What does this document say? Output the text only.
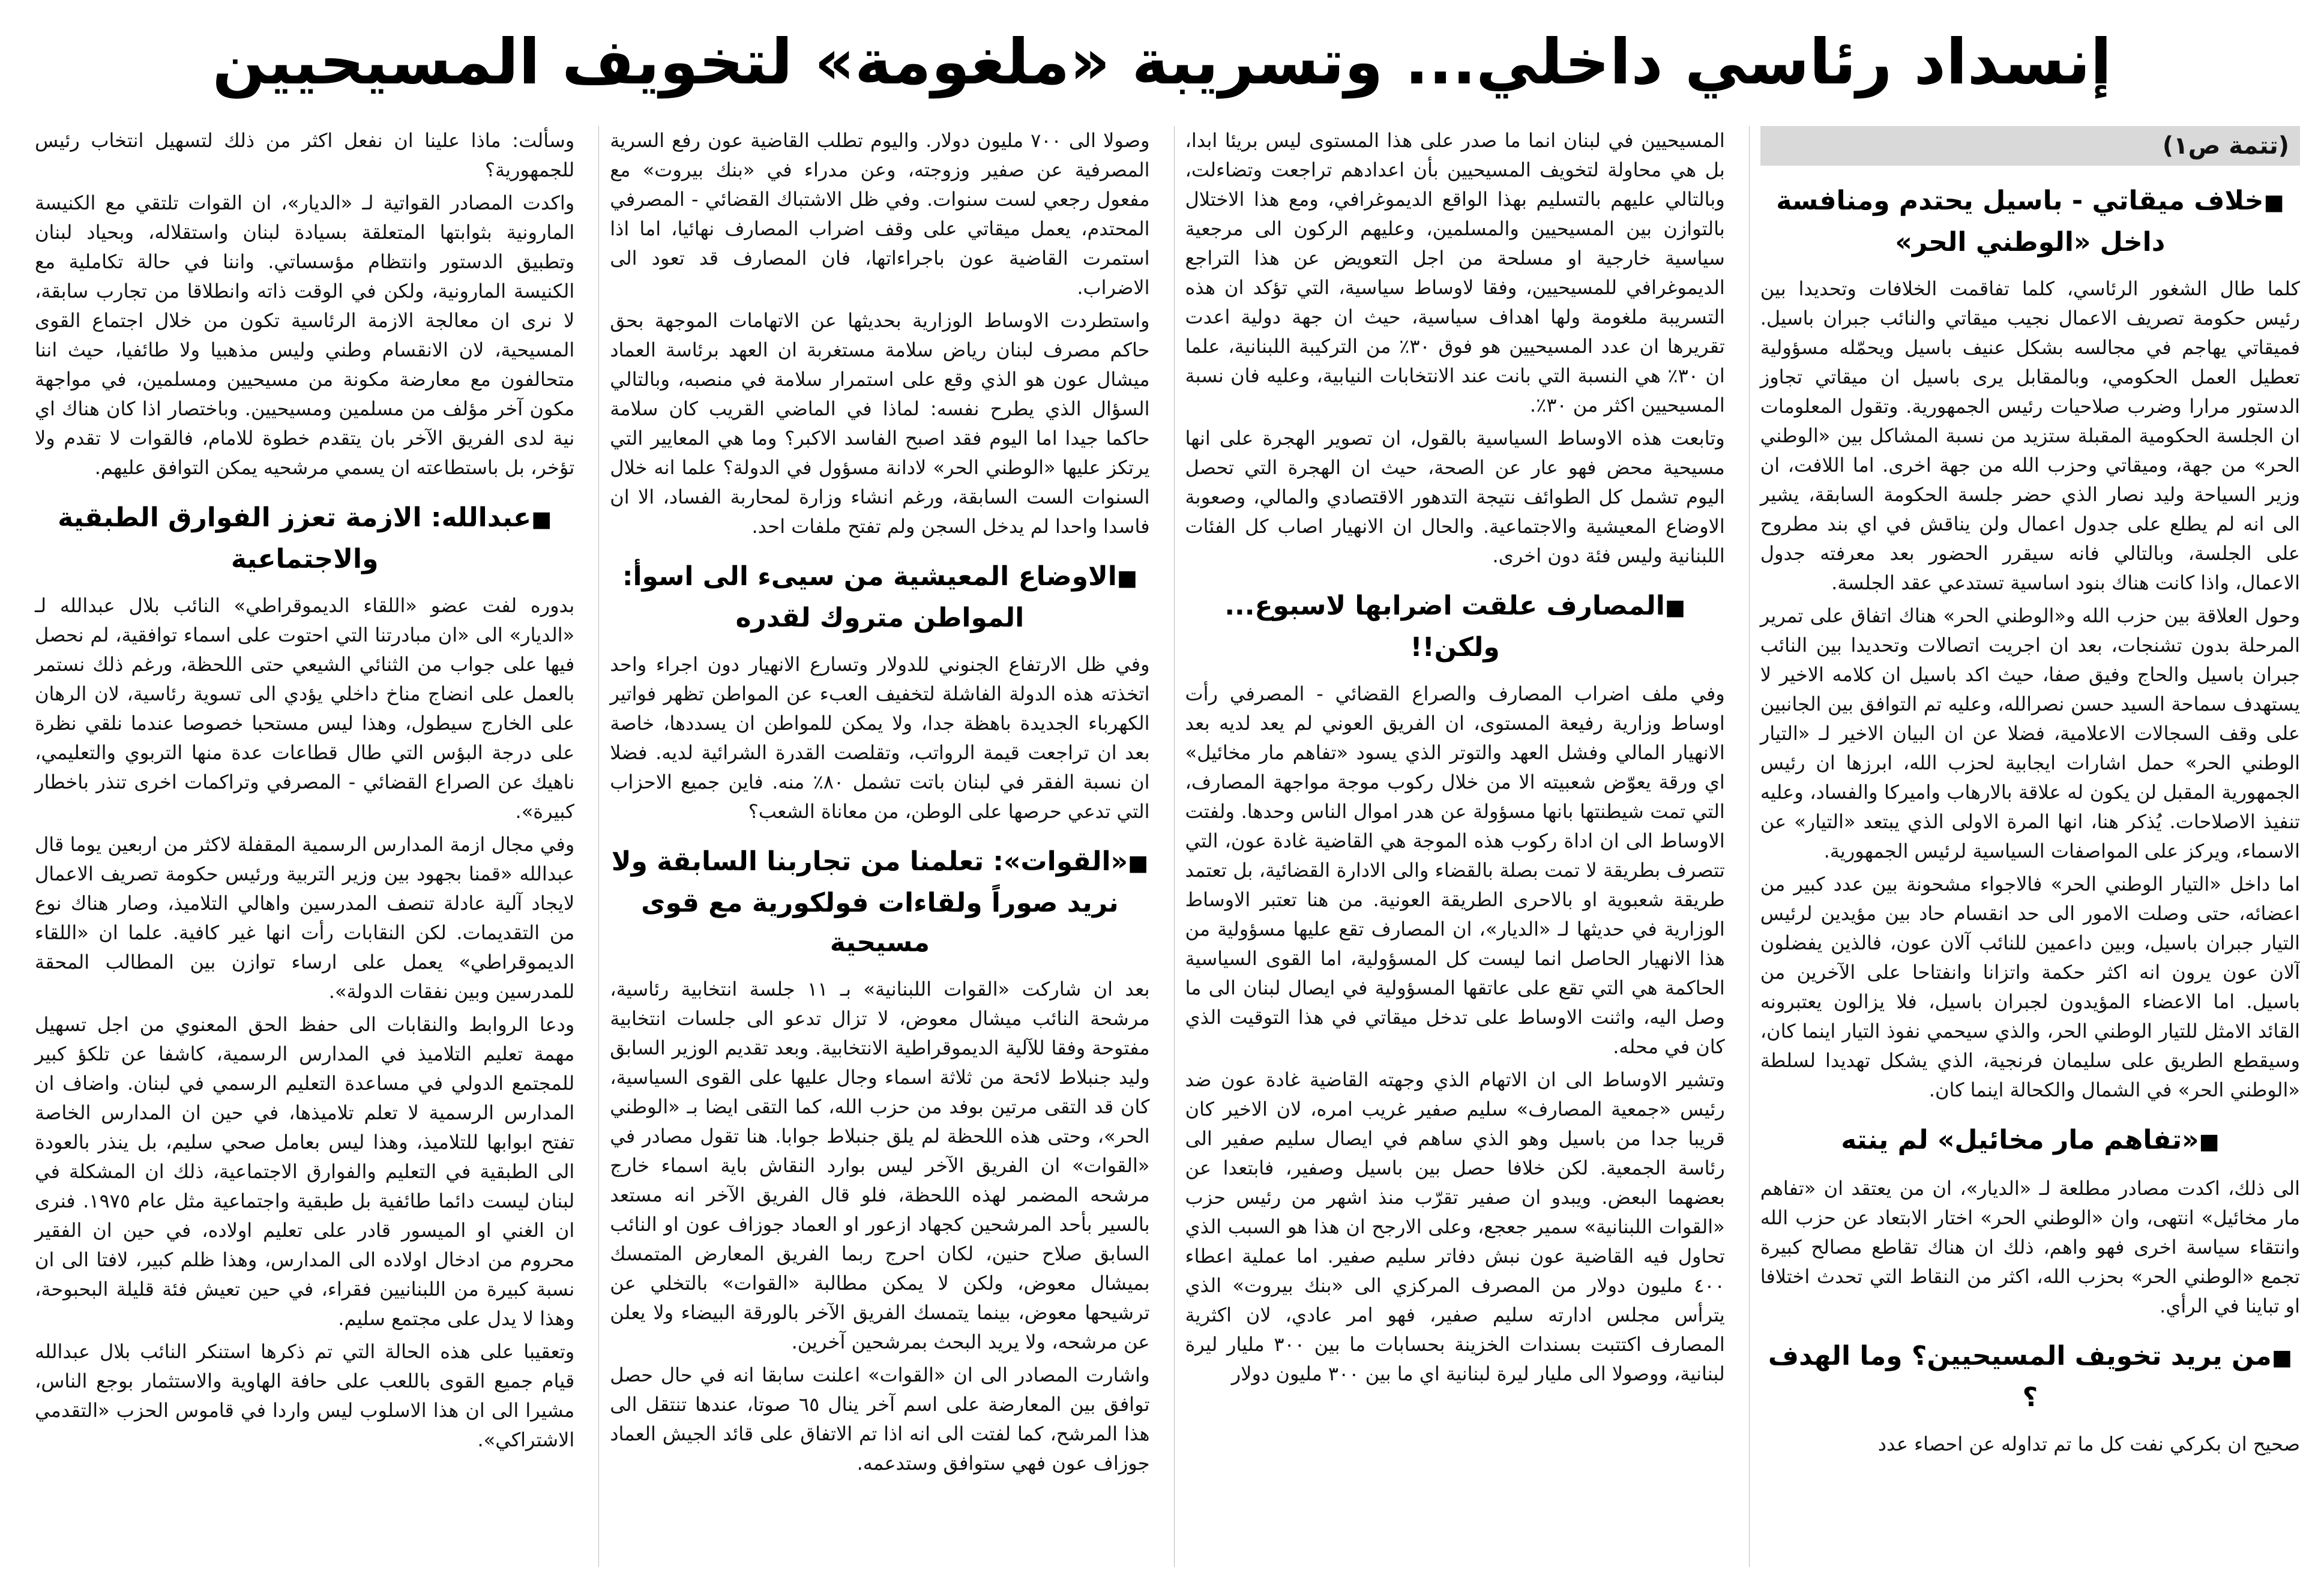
إنسداد رئاسي داخلي... وتسريبة «ملغومة» لتخويف المسيحيين
(تتمة ص١)
■ خلاف ميقاتي - باسيل يحتدم ومنافسة داخل «الوطني الحر»

كلما طال الشغور الرئاسي، كلما تفاقمت الخلافات وتحديدا بين رئيس حكومة تصريف الاعمال نجيب ميقاتي والنائب جبران باسيل. فميقاتي يهاجم في مجالسه بشكل عنيف باسيل ويحمّله مسؤولية تعطيل العمل الحكومي، وبالمقابل يرى باسيل ان ميقاتي تجاوز الدستور مرارا وضرب صلاحيات رئيس الجمهورية. وتقول المعلومات ان الجلسة الحكومية المقبلة ستزيد من نسبة المشاكل بين «الوطني الحر» من جهة، وميقاتي وحزب الله من جهة اخرى. اما اللافت، ان وزير السياحة وليد نصار الذي حضر جلسة الحكومة السابقة، يشير الى انه لم يطلع على جدول اعمال ولن يناقش في اي بند مطروح على الجلسة، وبالتالي فانه سيقرر الحضور بعد معرفته جدول الاعمال، واذا كانت هناك بنود اساسية تستدعي عقد الجلسة.

وحول العلاقة بين حزب الله و«الوطني الحر» هناك اتفاق على تمرير المرحلة بدون تشنجات، بعد ان اجريت اتصالات وتحديدا بين النائب جبران باسيل والحاج وفيق صفا، حيث اكد باسيل ان كلامه الاخير لا يستهدف سماحة السيد حسن نصرالله، وعليه تم التوافق بين الجانبين على وقف السجالات الاعلامية، فضلا عن ان البيان الاخير لـ «التيار الوطني الحر» حمل اشارات ايجابية لحزب الله، ابرزها ان رئيس الجمهورية المقبل لن يكون له علاقة بالارهاب واميركا والفساد، وعليه تنفيذ الاصلاحات. يُذكر هنا، انها المرة الاولى الذي يبتعد «التيار» عن الاسماء، ويركز على المواصفات السياسية لرئيس الجمهورية.

اما داخل «التيار الوطني الحر» فالاجواء مشحونة بين عدد كبير من اعضائه، حتى وصلت الامور الى حد انقسام حاد بين مؤيدين لرئيس التيار جبران باسيل، وبين داعمين للنائب آلان عون، فالذين يفضلون آلان عون يرون انه اكثر حكمة واتزانا وانفتاحا على الآخرين من باسيل. اما الاعضاء المؤيدون لجبران باسيل، فلا يزالون يعتبرونه القائد الامثل للتيار الوطني الحر، والذي سيحمي نفوذ التيار اينما كان، وسيقطع الطريق على سليمان فرنجية، الذي يشكل تهديدا لسلطة «الوطني الحر» في الشمال والكحالة اينما كان.

■ «تفاهم مار مخائيل» لم ينته

الى ذلك، اكدت مصادر مطلعة لـ «الديار»، ان من يعتقد ان «تفاهم مار مخائيل» انتهى، وان «الوطني الحر» اختار الابتعاد عن حزب الله وانتقاء سياسة اخرى فهو واهم، ذلك ان هناك تقاطع مصالح كبيرة تجمع «الوطني الحر» بحزب الله، اكثر من النقاط التي تحدث اختلافا او تباينا في الرأي.

■ من يريد تخويف المسيحيين؟ وما الهدف ؟

صحيح ان بكركي نفت كل ما تم تداوله عن احصاء عدد

المسيحيين في لبنان انما ما صدر على هذا المستوى ليس بريئا ابدا، بل هي محاولة لتخويف المسيحيين بأن اعدادهم تراجعت وتضاءلت، وبالتالي عليهم بالتسليم بهذا الواقع الديموغرافي، ومع هذا الاختلال بالتوازن بين المسيحيين والمسلمين، وعليهم الركون الى مرجعية سياسية خارجية او مسلحة من اجل التعويض عن هذا التراجع الديموغرافي للمسيحيين، وفقا لاوساط سياسية، التي تؤكد ان هذه التسريبة ملغومة ولها اهداف سياسية، حيث ان جهة دولية اعدت تقريرها ان عدد المسيحيين هو فوق ٣٠٪ من التركيبة اللبنانية، علما ان ٣٠٪ هي النسبة التي بانت عند الانتخابات النيابية، وعليه فان نسبة المسيحيين اكثر من ٣٠٪.

وتابعت هذه الاوساط السياسية بالقول، ان تصوير الهجرة على انها مسيحية محض فهو عار عن الصحة، حيث ان الهجرة التي تحصل اليوم تشمل كل الطوائف نتيجة التدهور الاقتصادي والمالي، وصعوبة الاوضاع المعيشية والاجتماعية. والحال ان الانهيار اصاب كل الفئات اللبنانية وليس فئة دون اخرى.

■ المصارف علقت اضرابها لاسبوع... ولكن!!

وفي ملف اضراب المصارف والصراع القضائي - المصرفي رأت اوساط وزارية رفيعة المستوى، ان الفريق العوني لم يعد لديه بعد الانهيار المالي وفشل العهد والتوتر الذي يسود «تفاهم مار مخائيل» اي ورقة يعوّض شعبيته الا من خلال ركوب موجة مواجهة المصارف، التي تمت شيطنتها بانها مسؤولة عن هدر اموال الناس وحدها. ولفتت الاوساط الى ان اداة ركوب هذه الموجة هي القاضية غادة عون، التي تتصرف بطريقة لا تمت بصلة بالقضاء والى الادارة القضائية، بل تعتمد طريقة شعبوية او بالاحرى الطريقة العونية. من هنا تعتبر الاوساط الوزارية في حديثها لـ «الديار»، ان المصارف تقع عليها مسؤولية من هذا الانهيار الحاصل انما ليست كل المسؤولية، اما القوى السياسية الحاكمة هي التي تقع على عاتقها المسؤولية في ايصال لبنان الى ما وصل اليه، واثنت الاوساط على تدخل ميقاتي في هذا التوقيت الذي كان في محله.

وتشير الاوساط الى ان الاتهام الذي وجهته القاضية غادة عون ضد رئيس «جمعية المصارف» سليم صفير غريب امره، لان الاخير كان قريبا جدا من باسيل وهو الذي ساهم في ايصال سليم صفير الى رئاسة الجمعية. لكن خلافا حصل بين باسيل وصفير، فابتعدا عن بعضهما البعض. ويبدو ان صفير تقرّب منذ اشهر من رئيس حزب «القوات اللبنانية» سمير جعجع، وعلى الارجح ان هذا هو السبب الذي تحاول فيه القاضية عون نبش دفاتر سليم صفير. اما عملية اعطاء ٤٠٠ مليون دولار من المصرف المركزي الى «بنك بيروت» الذي يترأس مجلس ادارته سليم صفير، فهو امر عادي، لان اكثرية المصارف اكتتبت بسندات الخزينة بحسابات ما بين ٣٠٠ مليار ليرة لبنانية، ووصولا الى مليار ليرة لبنانية اي ما بين ٣٠٠ مليون دولار

وصولا الى ٧٠٠ مليون دولار. واليوم تطلب القاضية عون رفع السرية المصرفية عن صفير وزوجته، وعن مدراء في «بنك بيروت» مع مفعول رجعي لست سنوات. وفي ظل الاشتباك القضائي - المصرفي المحتدم، يعمل ميقاتي على وقف اضراب المصارف نهائيا، اما اذا استمرت القاضية عون باجراءاتها، فان المصارف قد تعود الى الاضراب.

واستطردت الاوساط الوزارية بحديثها عن الاتهامات الموجهة بحق حاكم مصرف لبنان رياض سلامة مستغربة ان العهد برئاسة العماد ميشال عون هو الذي وقع على استمرار سلامة في منصبه، وبالتالي السؤال الذي يطرح نفسه: لماذا في الماضي القريب كان سلامة حاكما جيدا اما اليوم فقد اصبح الفاسد الاكبر؟ وما هي المعايير التي يرتكز عليها «الوطني الحر» لادانة مسؤول في الدولة؟ علما انه خلال السنوات الست السابقة، ورغم انشاء وزارة لمحاربة الفساد، الا ان فاسدا واحدا لم يدخل السجن ولم تفتح ملفات احد.

■ الاوضاع المعيشية من سيىء الى اسوأ: المواطن متروك لقدره

وفي ظل الارتفاع الجنوني للدولار وتسارع الانهيار دون اجراء واحد اتخذته هذه الدولة الفاشلة لتخفيف العبء عن المواطن تظهر فواتير الكهرباء الجديدة باهظة جدا، ولا يمكن للمواطن ان يسددها، خاصة بعد ان تراجعت قيمة الرواتب، وتقلصت القدرة الشرائية لديه. فضلا ان نسبة الفقر في لبنان باتت تشمل ٨٠٪ منه. فاين جميع الاحزاب التي تدعي حرصها على الوطن، من معاناة الشعب؟

■ «القوات»: تعلمنا من تجاربنا السابقة ولا نريد صوراً ولقاءات فولكورية مع قوى مسيحية

بعد ان شاركت «القوات اللبنانية» بـ ١١ جلسة انتخابية رئاسية، مرشحة النائب ميشال معوض، لا تزال تدعو الى جلسات انتخابية مفتوحة وفقا للآلية الديموقراطية الانتخابية. وبعد تقديم الوزير السابق وليد جنبلاط لائحة من ثلاثة اسماء وجال عليها على القوى السياسية، كان قد التقى مرتين بوفد من حزب الله، كما التقى ايضا بـ «الوطني الحر»، وحتى هذه اللحظة لم يلق جنبلاط جوابا. هنا تقول مصادر في «القوات» ان الفريق الآخر ليس بوارد النقاش باية اسماء خارج مرشحه المضمر لهذه اللحظة، فلو قال الفريق الآخر انه مستعد بالسير بأحد المرشحين كجهاد ازعور او العماد جوزاف عون او النائب السابق صلاح حنين، لكان احرج ربما الفريق المعارض المتمسك بميشال معوض، ولكن لا يمكن مطالبة «القوات» بالتخلي عن ترشيحها معوض، بينما يتمسك الفريق الآخر بالورقة البيضاء ولا يعلن عن مرشحه، ولا يريد البحث بمرشحين آخرين.

واشارت المصادر الى ان «القوات» اعلنت سابقا انه في حال حصل توافق بين المعارضة على اسم آخر ينال ٦٥ صوتا، عندها تنتقل الى هذا المرشح، كما لفتت الى انه اذا تم الاتفاق على قائد الجيش العماد جوزاف عون فهي ستوافق وستدعمه.

وسألت: ماذا علينا ان نفعل اكثر من ذلك لتسهيل انتخاب رئيس للجمهورية؟

واكدت المصادر القواتية لـ «الديار»، ان القوات تلتقي مع الكنيسة المارونية بثوابتها المتعلقة بسيادة لبنان واستقلاله، وبحياد لبنان وتطبيق الدستور وانتظام مؤسساتي. واننا في حالة تكاملية مع الكنيسة المارونية، ولكن في الوقت ذاته وانطلاقا من تجارب سابقة، لا نرى ان معالجة الازمة الرئاسية تكون من خلال اجتماع القوى المسيحية، لان الانقسام وطني وليس مذهبيا ولا طائفيا، حيث اننا متحالفون مع معارضة مكونة من مسيحيين ومسلمين، في مواجهة مكون آخر مؤلف من مسلمين ومسيحيين. وباختصار اذا كان هناك اي نية لدى الفريق الآخر بان يتقدم خطوة للامام، فالقوات لا تقدم ولا تؤخر، بل باستطاعته ان يسمي مرشحيه يمكن التوافق عليهم.

■ عبدالله: الازمة تعزز الفوارق الطبقية والاجتماعية

بدوره لفت عضو «اللقاء الديموقراطي» النائب بلال عبدالله لـ «الديار» الى «ان مبادرتنا التي احتوت على اسماء توافقية، لم نحصل فيها على جواب من الثنائي الشيعي حتى اللحظة، ورغم ذلك نستمر بالعمل على انضاج مناخ داخلي يؤدي الى تسوية رئاسية، لان الرهان على الخارج سيطول، وهذا ليس مستحبا خصوصا عندما نلقي نظرة على درجة البؤس التي طال قطاعات عدة منها التربوي والتعليمي، ناهيك عن الصراع القضائي - المصرفي وتراكمات اخرى تنذر باخطار كبيرة».

وفي مجال ازمة المدارس الرسمية المقفلة لاكثر من اربعين يوما قال عبدالله «قمنا بجهود بين وزير التربية ورئيس حكومة تصريف الاعمال لايجاد آلية عادلة تنصف المدرسين واهالي التلاميذ، وصار هناك نوع من التقديمات. لكن النقابات رأت انها غير كافية. علما ان «اللقاء الديموقراطي» يعمل على ارساء توازن بين المطالب المحقة للمدرسين وبين نفقات الدولة».

ودعا الروابط والنقابات الى حفظ الحق المعنوي من اجل تسهيل مهمة تعليم التلاميذ في المدارس الرسمية، كاشفا عن تلكؤ كبير للمجتمع الدولي في مساعدة التعليم الرسمي في لبنان. واضاف ان المدارس الرسمية لا تعلم تلاميذها، في حين ان المدارس الخاصة تفتح ابوابها للتلاميذ، وهذا ليس بعامل صحي سليم، بل ينذر بالعودة الى الطبقية في التعليم والفوارق الاجتماعية، ذلك ان المشكلة في لبنان ليست دائما طائفية بل طبقية واجتماعية مثل عام ١٩٧٥. فنرى ان الغني او الميسور قادر على تعليم اولاده، في حين ان الفقير محروم من ادخال اولاده الى المدارس، وهذا ظلم كبير، لافتا الى ان نسبة كبيرة من اللبنانيين فقراء، في حين تعيش فئة قليلة البحبوحة، وهذا لا يدل على مجتمع سليم.

وتعقيبا على هذه الحالة التي تم ذكرها استنكر النائب بلال عبدالله قيام جميع القوى باللعب على حافة الهاوية والاستثمار بوجع الناس، مشيرا الى ان هذا الاسلوب ليس واردا في قاموس الحزب «التقدمي الاشتراكي».
